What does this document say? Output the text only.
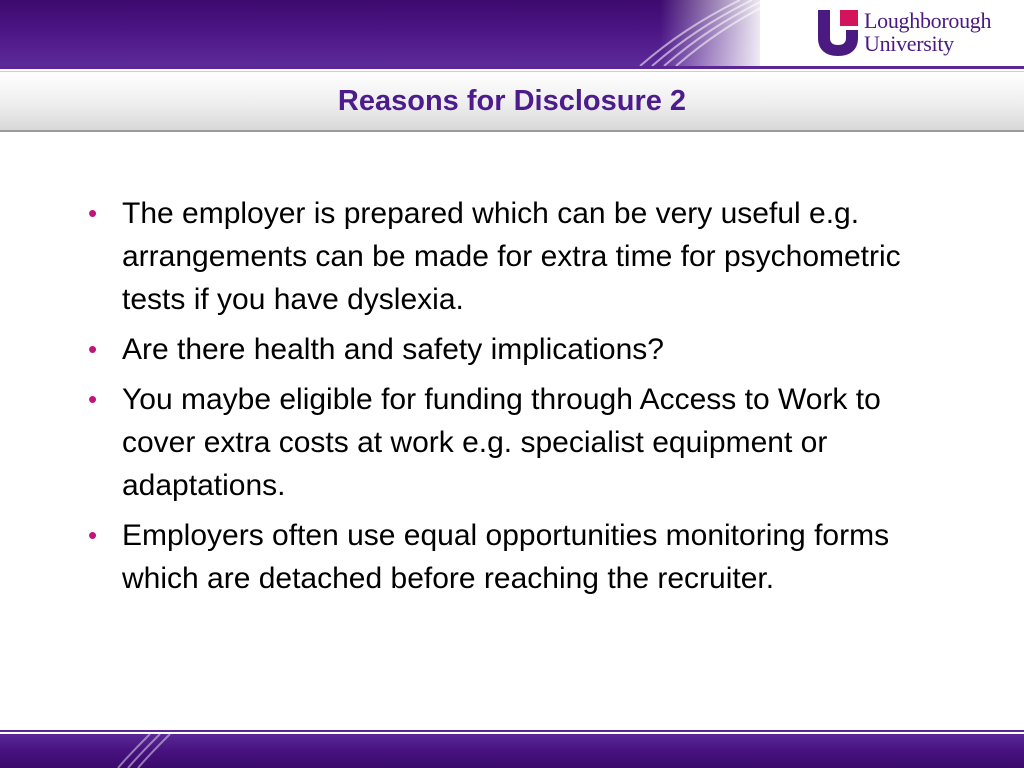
Loughborough
University
Reasons for Disclosure 2
• The employer is prepared which can be very useful e.g. arrangements can be made for extra time for psychometric tests if you have dyslexia.
• Are there health and safety implications?
• You maybe eligible for funding through Access to Work to cover extra costs at work e.g. specialist equipment or adaptations.
• Employers often use equal opportunities monitoring forms which are detached before reaching the recruiter.
